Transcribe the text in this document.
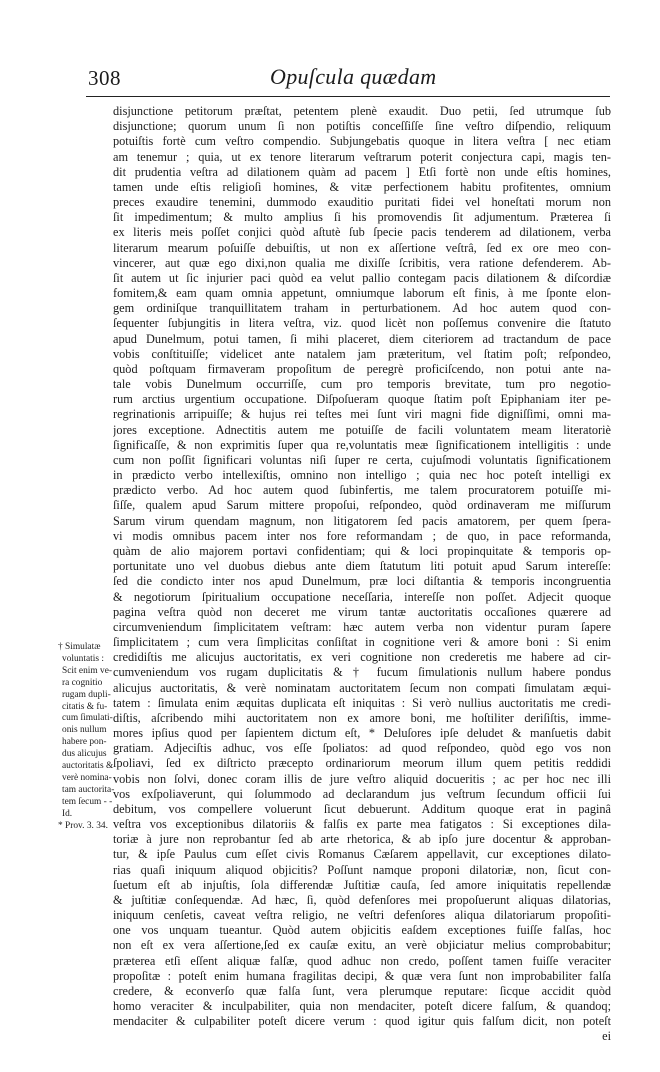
308	Opuſcula quædam
disjunctione petitorum præſtat, petentem plenè exaudit. Duo petii, ſed utrumque ſub
disjunctione; quorum unum ſi non potiſtis conceſſiſſe ſine veſtro diſpendio, reliquum
potuiſtis fortè cum veſtro compendio. Subjungebatis quoque in litera veſtra [ nec etiam
am tenemur ; quia, ut ex tenore literarum veſtrarum poterit conjectura capi, magis ten-
dit prudentia veſtra ad dilationem quàm ad pacem ] Etſi fortè non unde eſtis homines,
tamen unde eſtis religioſi homines, & vitæ perfectionem habitu profitentes, omnium
preces exaudire tenemini, dummodo exauditio puritati fidei vel honeſtati morum non
ſit impedimentum; & multo amplius ſi his promovendis ſit adjumentum. Præterea ſi
ex literis meis poſſet conjici quòd aſtutè ſub ſpecie pacis tenderem ad dilationem, verba
literarum mearum poſuiſſe debuiſtis, ut non ex aſſertione veſtrâ, ſed ex ore meo con-
vincerer, aut quæ ego dixi,non qualia me dixiſſe ſcribitis, vera ratione defenderem. Ab-
ſit autem ut ſic injurier paci quòd ea velut pallio contegam pacis dilationem & diſcordiæ
fomitem,& eam quam omnia appetunt, omniumque laborum eſt finis, à me ſponte elon-
gem ordiniſque tranquillitatem traham in perturbationem. Ad hoc autem quod con-
ſequenter ſubjungitis in litera veſtra, viz. quod licèt non poſſemus convenire die ſtatuto
apud Dunelmum, potui tamen, ſi mihi placeret, diem citeriorem ad tractandum de pace
vobis conſtituiſſe; videlicet ante natalem jam præteritum, vel ſtatim poſt; reſpondeo,
quòd poſtquam firmaveram propoſitum de peregrè proficiſcendo, non potui ante na-
tale vobis Dunelmum occurriſſe, cum pro temporis brevitate, tum pro negotio-
rum arctius urgentium occupatione. Diſpoſueram quoque ſtatim poſt Epiphaniam iter pe-
regrinationis arripuiſſe; & hujus rei teſtes mei ſunt viri magni fide digniſſimi, omni ma-
jores exceptione. Adnectitis autem me potuiſſe de facili voluntatem meam literatoriè
ſignificaſſe, & non exprimitis ſuper qua re,voluntatis meæ ſignificationem intelligitis : unde
cum non poſſit ſignificari voluntas niſi ſuper re certa, cujuſmodi voluntatis ſignificationem
in prædicto verbo intellexiſtis, omnino non intelligo ; quia nec hoc poteſt intelligi ex
prædicto verbo. Ad hoc autem quod ſubinfertis, me talem procuratorem potuiſſe mi-
ſiſſe, qualem apud Sarum mittere propoſui, reſpondeo, quòd ordinaveram me miſſurum
Sarum virum quendam magnum, non litigatorem ſed pacis amatorem, per quem ſpera-
vi modis omnibus pacem inter nos fore reformandam ; de quo, in pace reformanda,
quàm de alio majorem portavi confidentiam; qui & loci propinquitate & temporis op-
portunitate uno vel duobus diebus ante diem ſtatutum liti potuit apud Sarum intereſſe:
ſed die condicto inter nos apud Dunelmum, præ loci diſtantia & temporis incongruentia
& negotiorum ſpiritualium occupatione neceſſaria, intereſſe non poſſet. Adjecit quoque
pagina veſtra quòd non deceret me virum tantæ auctoritatis occaſiones quærere ad
circumveniendum ſimplicitatem veſtram: hæc autem verba non videntur puram ſapere
ſimplicitatem ; cum vera ſimplicitas conſiſtat in cognitione veri & amore boni : Si enim
credidiſtis me alicujus auctoritatis, ex veri cognitione non crederetis me habere ad cir-
cumveniendum vos rugam duplicitatis & † fucum ſimulationis nullum habere pondus
alicujus auctoritatis, & verè nominatam auctoritatem ſecum non compati ſimulatam æqui-
tatem : ſimulata enim æquitas duplicata eſt iniquitas : Si verò nullius auctoritatis me credi-
diſtis, aſcribendo mihi auctoritatem non ex amore boni, me hoſtiliter deriſiſtis, imme-
mores ipſius quod per ſapientem dictum eſt, * Deluſores ipſe deludet & manſuetis dabit
gratiam. Adjeciſtis adhuc, vos eſſe ſpoliatos: ad quod reſpondeo, quòd ego vos non
ſpoliavi, ſed ex diſtricto præcepto ordinariorum meorum illum quem petitis reddidi
vobis non ſolvi, donec coram illis de jure veſtro aliquid docueritis ; ac per hoc nec illi
vos exſpoliaverunt, qui ſolummodo ad declarandum jus veſtrum ſecundum officii ſui
debitum, vos compellere voluerunt ſicut debuerunt. Additum quoque erat in paginâ
veſtra vos exceptionibus dilatoriis & falſis ex parte mea fatigatos : Si exceptiones dila-
toriæ à jure non reprobantur ſed ab arte rhetorica, & ab ipſo jure docentur & approban-
tur, & ipſe Paulus cum eſſet civis Romanus Cæſarem appellavit, cur exceptiones dilato-
rias quaſi iniquum aliquod objicitis? Poſſunt namque proponi dilatoriæ, non, ſicut con-
ſuetum eſt ab injuſtis, ſola differendæ Juſtitiæ cauſa, ſed amore iniquitatis repellendæ
& juſtitiæ conſequendæ. Ad hæc, ſi, quòd defenſores mei propoſuerunt aliquas dilatorias,
iniquum cenſetis, caveat veſtra religio, ne veſtri defenſores aliqua dilatoriarum propoſiti-
one vos unquam tueantur. Quòd autem objicitis eaſdem exceptiones fuiſſe falſas, hoc
non eſt ex vera aſſertione,ſed ex cauſæ exitu, an verè objiciatur melius comprobabitur;
præterea etſi eſſent aliquæ falſæ, quod adhuc non credo, poſſent tamen fuiſſe veraciter
propoſitæ : poteſt enim humana fragilitas decipi, & quæ vera ſunt non improbabiliter falſa
credere, & econverſo quæ falſa ſunt, vera plerumque reputare: ſicque accidit quòd
homo veraciter & inculpabiliter, quia non mendaciter, poteſt dicere falſum, & quandoq;
mendaciter & culpabiliter poteſt dicere verum : quod igitur quis falſum dicit, non poteſt
ei
† Simulatæ
voluntatis :
Scit enim ve-
ra cognitio
rugam dupli-
citatis & fu-
cum ſimulati-
onis nullum
habere pon-
dus alicujus
auctoritatis &
verè nomina-
tam auctorita-
tem ſecum - -
Id.
* Prov. 3. 34.
